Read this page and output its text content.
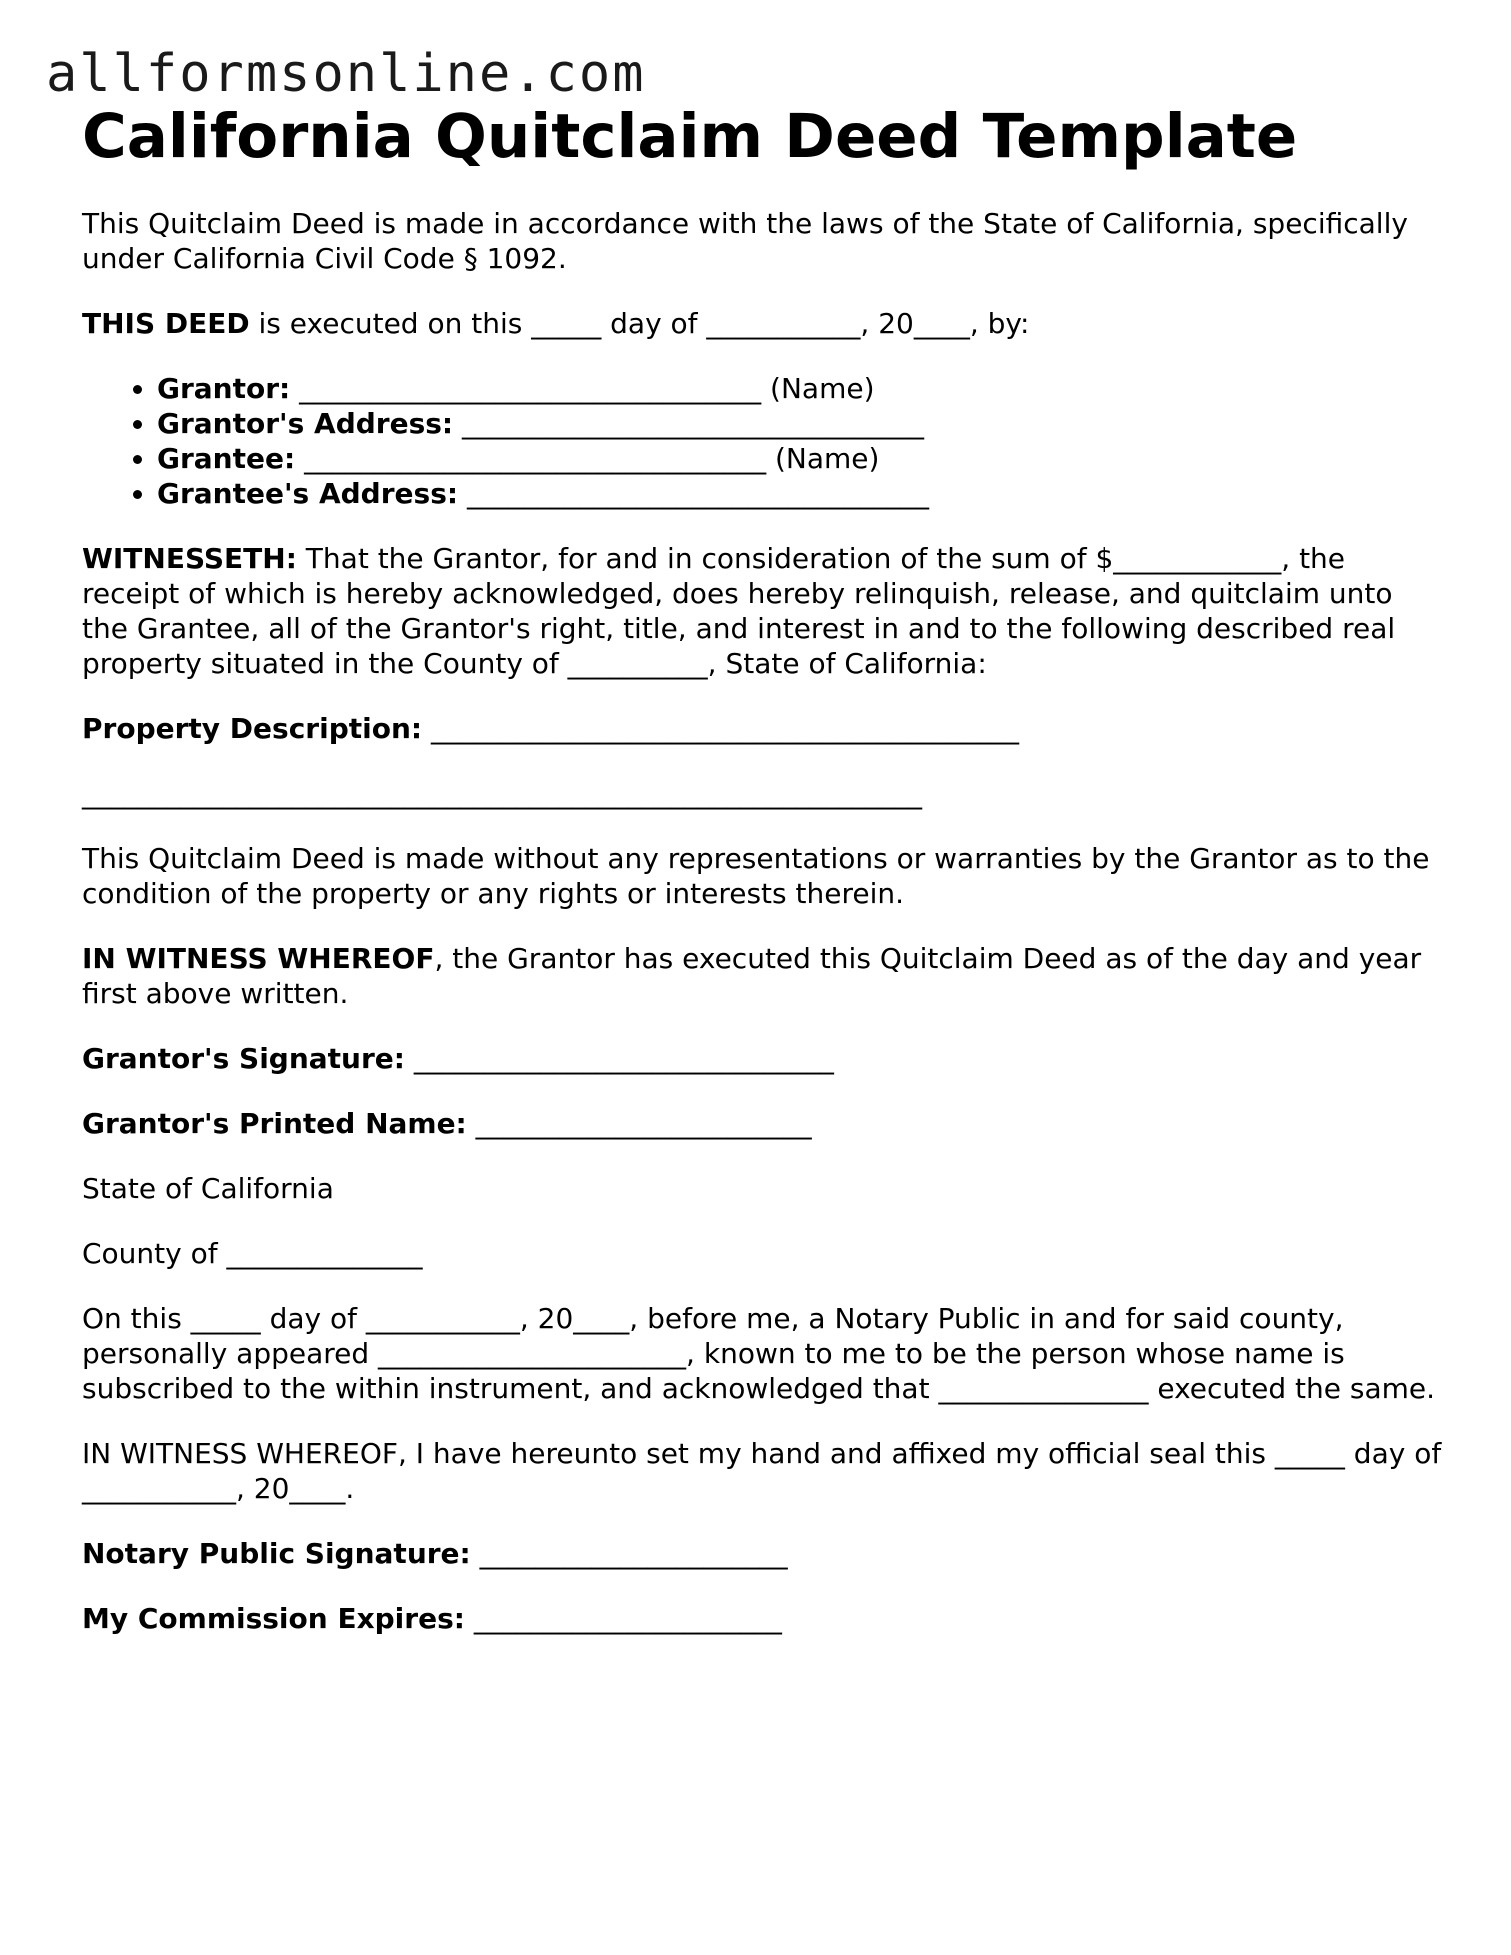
allformsonline.com
California Quitclaim Deed Template

This Quitclaim Deed is made in accordance with the laws of the State of California, specifically under California Civil Code § 1092.

THIS DEED is executed on this _____ day of ___________, 20____, by:

• Grantor: _________________________________ (Name)
• Grantor's Address: _________________________________
• Grantee: _________________________________ (Name)
• Grantee's Address: _________________________________

WITNESSETH: That the Grantor, for and in consideration of the sum of $____________, the receipt of which is hereby acknowledged, does hereby relinquish, release, and quitclaim unto the Grantee, all of the Grantor's right, title, and interest in and to the following described real property situated in the County of __________, State of California:

Property Description: __________________________________________

____________________________________________________________

This Quitclaim Deed is made without any representations or warranties by the Grantor as to the condition of the property or any rights or interests therein.

IN WITNESS WHEREOF, the Grantor has executed this Quitclaim Deed as of the day and year first above written.

Grantor's Signature: ______________________________

Grantor's Printed Name: ________________________

State of California

County of ______________

On this _____ day of ___________, 20____, before me, a Notary Public in and for said county, personally appeared ______________________, known to me to be the person whose name is subscribed to the within instrument, and acknowledged that _______________ executed the same.

IN WITNESS WHEREOF, I have hereunto set my hand and affixed my official seal this _____ day of ___________, 20____.

Notary Public Signature: ______________________

My Commission Expires: ______________________
